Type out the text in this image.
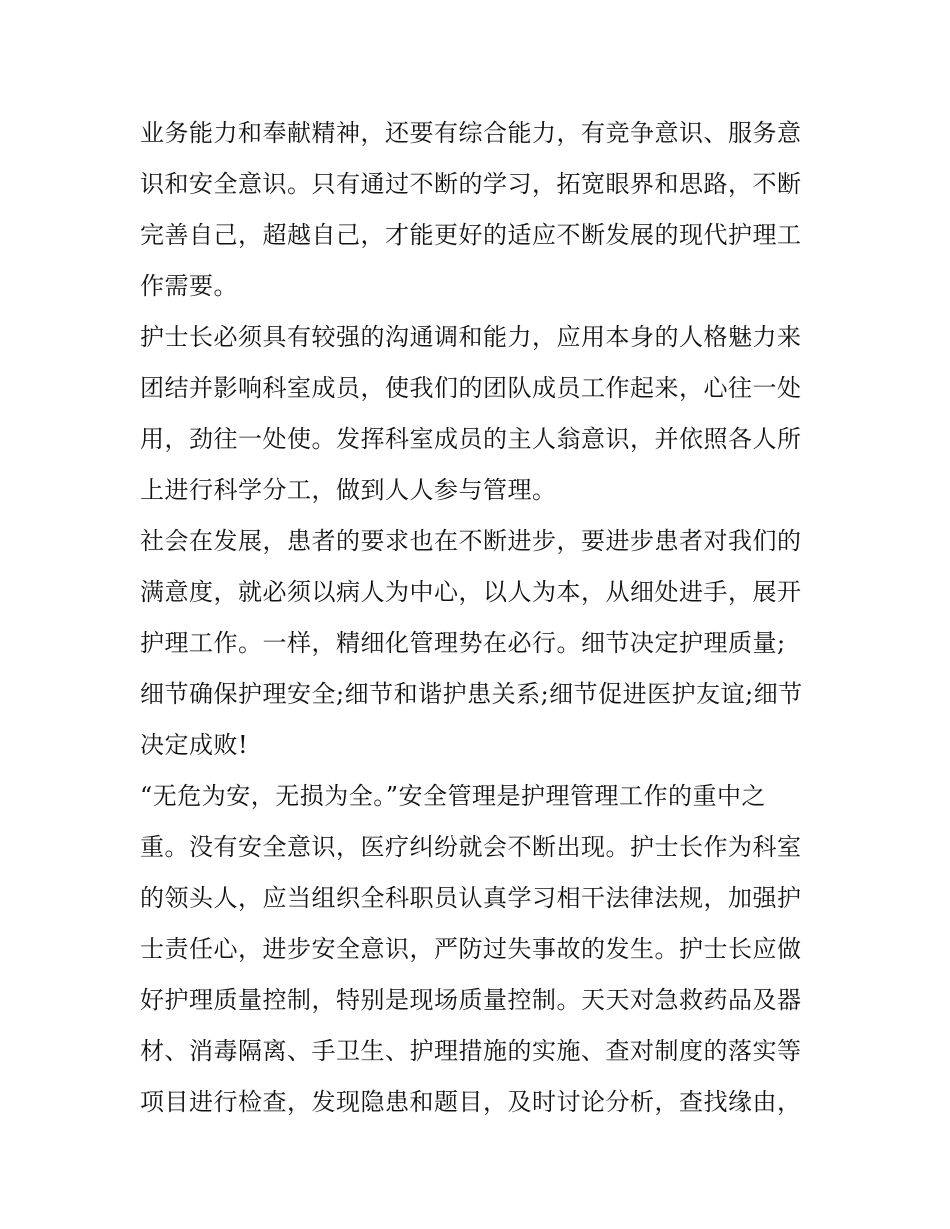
业务能力和奉献精神，还要有综合能力，有竞争意识、服务意
识和安全意识。只有通过不断的学习，拓宽眼界和思路，不断
完善自己，超越自己，才能更好的适应不断发展的现代护理工
作需要。
护士长必须具有较强的沟通调和能力，应用本身的人格魅力来
团结并影响科室成员，使我们的团队成员工作起来，心往一处
用，劲往一处使。发挥科室成员的主人翁意识，并依照各人所
上进行科学分工，做到人人参与管理。
社会在发展，患者的要求也在不断进步，要进步患者对我们的
满意度，就必须以病人为中心，以人为本，从细处进手，展开
护理工作。一样，精细化管理势在必行。细节决定护理质量;
细节确保护理安全;细节和谐护患关系;细节促进医护友谊;细节
决定成败!
“无危为安，无损为全。”安全管理是护理管理工作的重中之
重。没有安全意识，医疗纠纷就会不断出现。护士长作为科室
的领头人，应当组织全科职员认真学习相干法律法规，加强护
士责任心，进步安全意识，严防过失事故的发生。护士长应做
好护理质量控制，特别是现场质量控制。天天对急救药品及器
材、消毒隔离、手卫生、护理措施的实施、查对制度的落实等
项目进行检查，发现隐患和题目，及时讨论分析，查找缘由，
